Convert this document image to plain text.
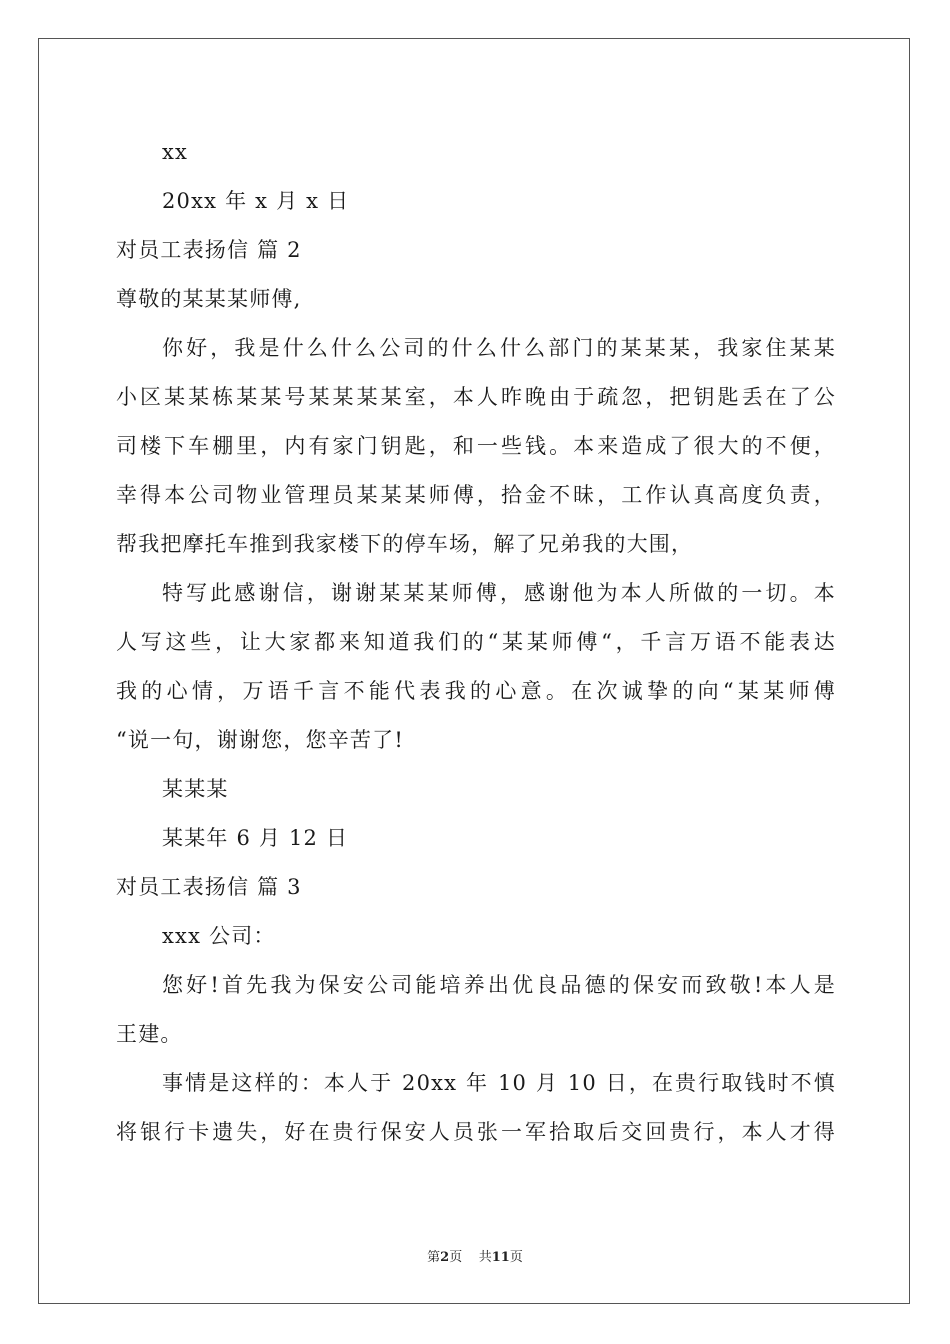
xx
20xx 年 x 月 x 日
对员工表扬信 篇 2
尊敬的某某某师傅,
你好，我是什么什么公司的什么什么部门的某某某，我家住某某
小区某某栋某某号某某某某室，本人昨晚由于疏忽，把钥匙丢在了公
司楼下车棚里，内有家门钥匙，和一些钱。本来造成了很大的不便，
幸得本公司物业管理员某某某师傅，拾金不昧，工作认真高度负责，
帮我把摩托车推到我家楼下的停车场，解了兄弟我的大围，
特写此感谢信，谢谢某某某师傅，感谢他为本人所做的一切。本
人写这些，让大家都来知道我们的“某某师傅“，千言万语不能表达
我的心情，万语千言不能代表我的心意。在次诚挚的向“某某师傅
“说一句，谢谢您，您辛苦了!
某某某
某某年 6 月 12 日
对员工表扬信 篇 3
xxx 公司：
您好!首先我为保安公司能培养出优良品德的保安而致敬!本人是
王建。
事情是这样的：本人于 20xx 年 10 月 10 日，在贵行取钱时不慎
将银行卡遗失，好在贵行保安人员张一军拾取后交回贵行，本人才得
第2页 共11页
